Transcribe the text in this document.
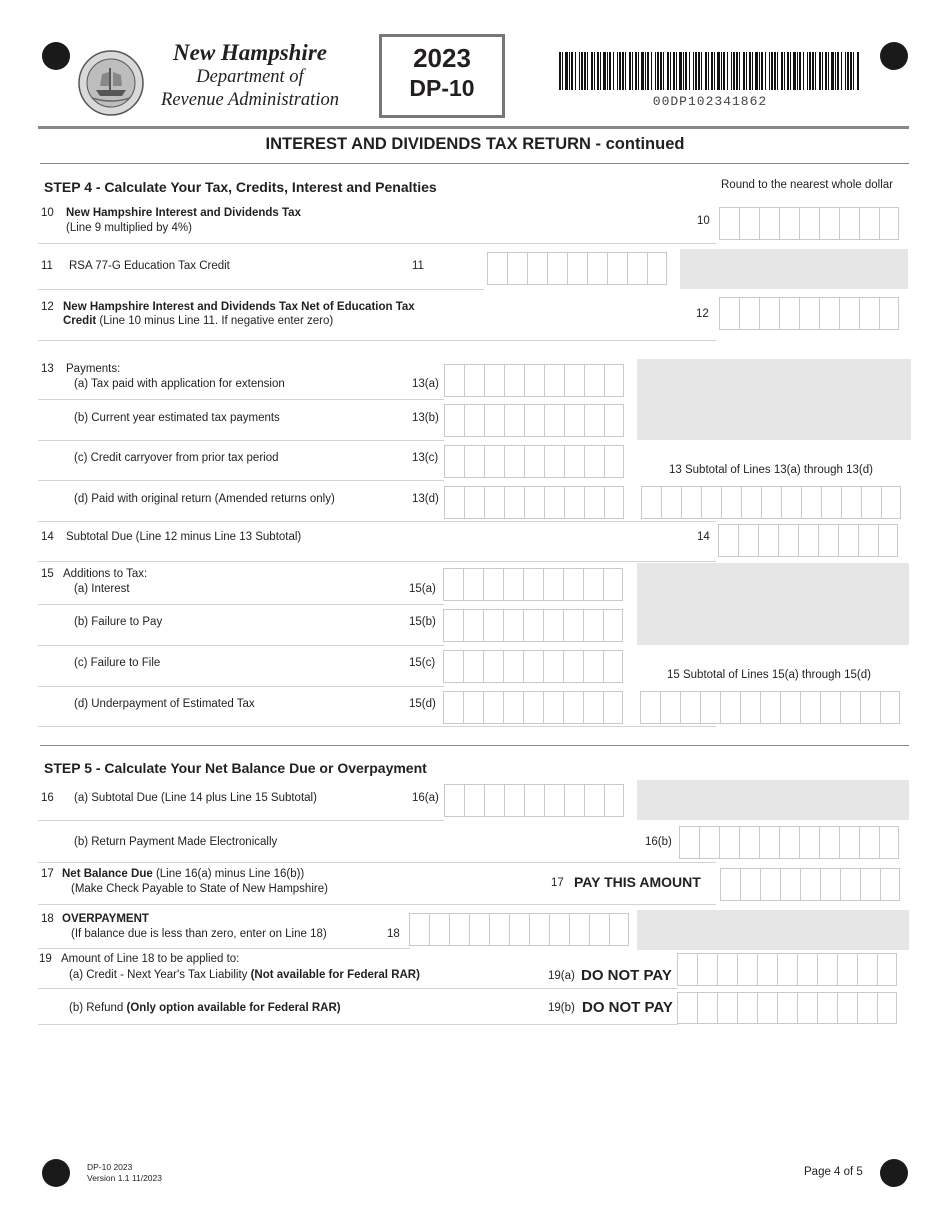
New Hampshire
Department of
Revenue Administration
2023
DP-10
00DP102341862
INTEREST AND DIVIDENDS TAX RETURN - continued
STEP 4 - Calculate Your Tax, Credits, Interest and Penalties	Round to the nearest whole dollar
10 New Hampshire Interest and Dividends Tax
(Line 9 multiplied by 4%)
10
11 RSA 77-G Education Tax Credit	11
12 New Hampshire Interest and Dividends Tax Net of Education Tax
Credit (Line 10 minus Line 11. If negative enter zero)
12
13 Payments:
(a) Tax paid with application for extension	13(a)
(b) Current year estimated tax payments	13(b)
(c) Credit carryover from prior tax period	13(c)
13 Subtotal of Lines 13(a) through 13(d)
(d) Paid with original return (Amended returns only)	13(d)
14 Subtotal Due (Line 12 minus Line 13 Subtotal)	14
15 Additions to Tax:
(a) Interest	15(a)
(b) Failure to Pay	15(b)
(c) Failure to File	15(c)
15 Subtotal of Lines 15(a) through 15(d)
(d) Underpayment of Estimated Tax	15(d)
STEP 5 - Calculate Your Net Balance Due or Overpayment
16 (a) Subtotal Due (Line 14 plus Line 15 Subtotal)	16(a)
(b) Return Payment Made Electronically	16(b)
17 Net Balance Due (Line 16(a) minus Line 16(b))
(Make Check Payable to State of New Hampshire)	17 PAY THIS AMOUNT
18 OVERPAYMENT
(If balance due is less than zero, enter on Line 18)	18
19 Amount of Line 18 to be applied to:
(a) Credit - Next Year's Tax Liability (Not available for Federal RAR)	19(a) DO NOT PAY
(b) Refund (Only option available for Federal RAR)	19(b) DO NOT PAY
DP-10 2023
Version 1.1 11/2023	Page 4 of 5
